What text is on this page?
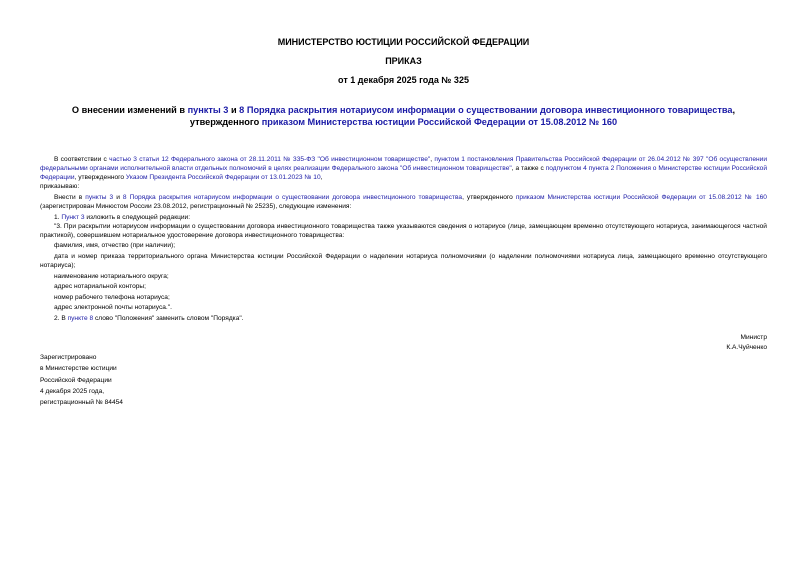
МИНИСТЕРСТВО ЮСТИЦИИ РОССИЙСКОЙ ФЕДЕРАЦИИ
ПРИКАЗ
от 1 декабря 2025 года № 325
О внесении изменений в пункты 3 и 8 Порядка раскрытия нотариусом информации о существовании договора инвестиционного товарищества, утвержденного приказом Министерства юстиции Российской Федерации от 15.08.2012 № 160

В соответствии с частью 3 статьи 12 Федерального закона от 28.11.2011 № 335-ФЗ "Об инвестиционном товариществе", пунктом 1 постановления Правительства Российской Федерации от 26.04.2012 № 397 "Об осуществлении федеральными органами исполнительной власти отдельных полномочий в целях реализации Федерального закона "Об инвестиционном товариществе", а также с подпунктом 4 пункта 2 Положения о Министерстве юстиции Российской Федерации, утвержденного Указом Президента Российской Федерации от 13.01.2023 № 10,

приказываю:

Внести в пункты 3 и 8 Порядка раскрытия нотариусом информации о существовании договора инвестиционного товарищества, утвержденного приказом Министерства юстиции Российской Федерации от 15.08.2012 № 160 (зарегистрирован Минюстом России 23.08.2012, регистрационный № 25235), следующие изменения:

1. Пункт 3 изложить в следующей редакции:

"3. При раскрытии нотариусом информации о существовании договора инвестиционного товарищества также указываются сведения о нотариусе (лице, замещающем временно отсутствующего нотариуса, занимающегося частной практикой), совершившем нотариальное удостоверение договора инвестиционного товарищества:

фамилия, имя, отчество (при наличии);

дата и номер приказа территориального органа Министерства юстиции Российской Федерации о наделении нотариуса полномочиями (о наделении полномочиями нотариуса лица, замещающего временно отсутствующего нотариуса);

наименование нотариального округа;

адрес нотариальной конторы;

номер рабочего телефона нотариуса;

адрес электронной почты нотариуса.".

2. В пункте 8 слово "Положения" заменить словом "Порядка".

Министр
К.А.Чуйченко
Зарегистрировано
в Министерстве юстиции
Российской Федерации
4 декабря 2025 года,
регистрационный № 84454
